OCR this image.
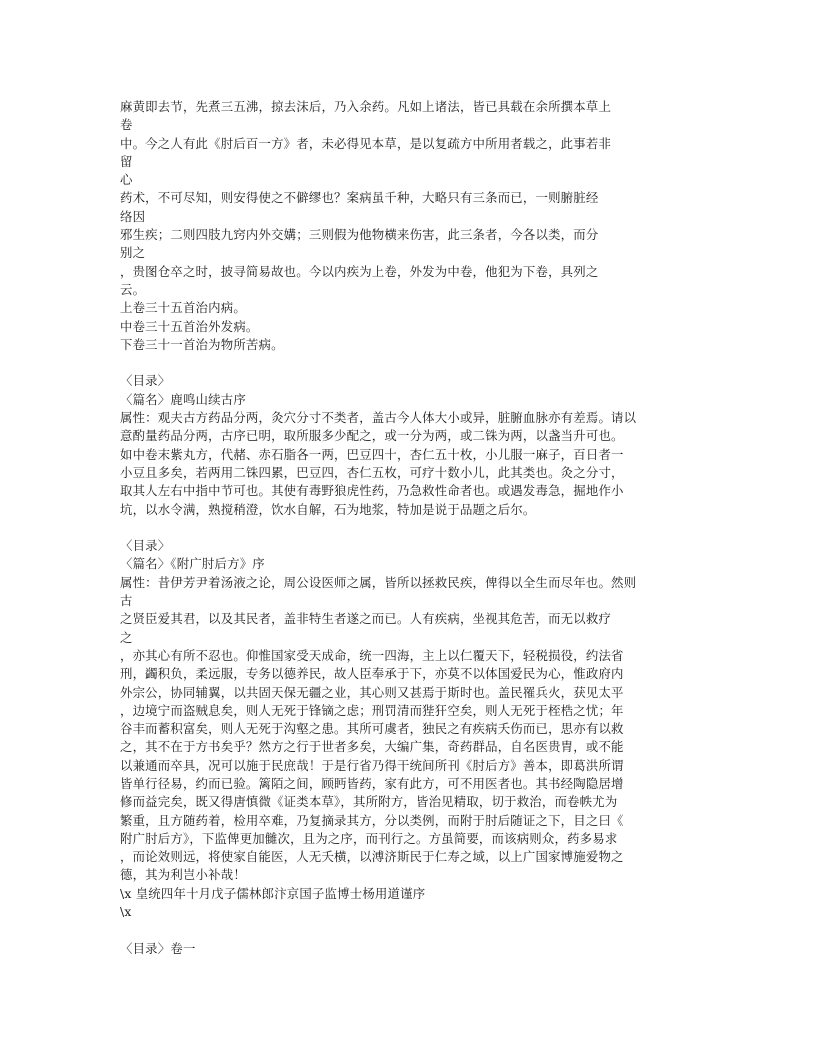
麻黄即去节，先煮三五沸，掠去沫后，乃入余药。凡如上诸法，皆已具载在余所撰本草上
卷
中。今之人有此《肘后百一方》者，未必得见本草，是以复疏方中所用者载之，此事若非
留
心
药术，不可尽知，则安得使之不僻缪也？案病虽千种，大略只有三条而已，一则腑脏经
络因
邪生疾；二则四肢九窍内外交媾；三则假为他物横来伤害，此三条者，今各以类，而分
别之
，贵图仓卒之时，披寻简易故也。今以内疾为上卷，外发为中卷，他犯为下卷，具列之
云。
上卷三十五首治内病。
中卷三十五首治外发病。
下卷三十一首治为物所苦病。
〈目录〉
〈篇名〉鹿鸣山续古序
属性：观夫古方药品分两，灸穴分寸不类者，盖古今人体大小或异，脏腑血脉亦有差焉。请以
意酌量药品分两，古序已明，取所服多少配之，或一分为两，或二铢为两，以盏当升可也。
如中卷末紫丸方，代赭、赤石脂各一两，巴豆四十，杏仁五十枚，小儿服一麻子，百日者一
小豆且多矣，若两用二铢四累，巴豆四，杏仁五枚，可疗十数小儿，此其类也。灸之分寸，
取其人左右中指中节可也。其使有毒野狼虎性药，乃急救性命者也。或遇发毒急，掘地作小
坑，以水令满，熟搅稍澄，饮水自解，石为地浆，特加是说于品题之后尔。
〈目录〉
〈篇名〉《附广肘后方》序
属性：昔伊芳尹着汤液之论，周公设医师之属，皆所以拯救民疾，俾得以全生而尽年也。然则
古
之贤臣爱其君，以及其民者，盖非特生者遂之而已。人有疾病，坐视其危苦，而无以救疗
之
，亦其心有所不忍也。仰惟国家受天成命，统一四海，主上以仁覆天下，轻税损役，约法省
刑，蠲积负，柔远服，专务以德养民，故人臣奉承于下，亦莫不以体国爱民为心，惟政府内
外宗公，协同辅翼，以共固天保无疆之业，其心则又甚焉于斯时也。盖民罹兵火，获见太平
，边境宁而盗贼息矣，则人无死于锋镝之虑；刑罚清而狴犴空矣，则人无死于桎梏之忧；年
谷丰而蓄积富矣，则人无死于沟壑之患。其所可虞者，独民之有疾病夭伤而已，思亦有以救
之，其不在于方书矣乎？然方之行于世者多矣，大编广集，奇药群品，自名医贵胄，或不能
以兼通而卒具，况可以施于民庶哉！于是行省乃得干统间所刊《肘后方》善本，即葛洪所谓
皆单行径易，约而已验。篱陌之间，顾眄皆药，家有此方，可不用医者也。其书经陶隐居增
修而益完矣，既又得唐慎微《证类本草》，其所附方，皆治见精取，切于救治，而卷帙尤为
繁重，且方随药着，检用卒难，乃复摘录其方，分以类例，而附于肘后随证之下，目之曰《
附广肘后方》，下监俾更加雠次，且为之序，而刊行之。方虽简要，而该病则众，药多易求
，而论效则远，将使家自能医，人无夭横，以溥济斯民于仁寿之域，以上广国家博施爱物之
德，其为利岂小补哉！
\x 皇统四年十月戊子儒林郎汴京国子监博士杨用道谨序
\x
〈目录〉卷一
